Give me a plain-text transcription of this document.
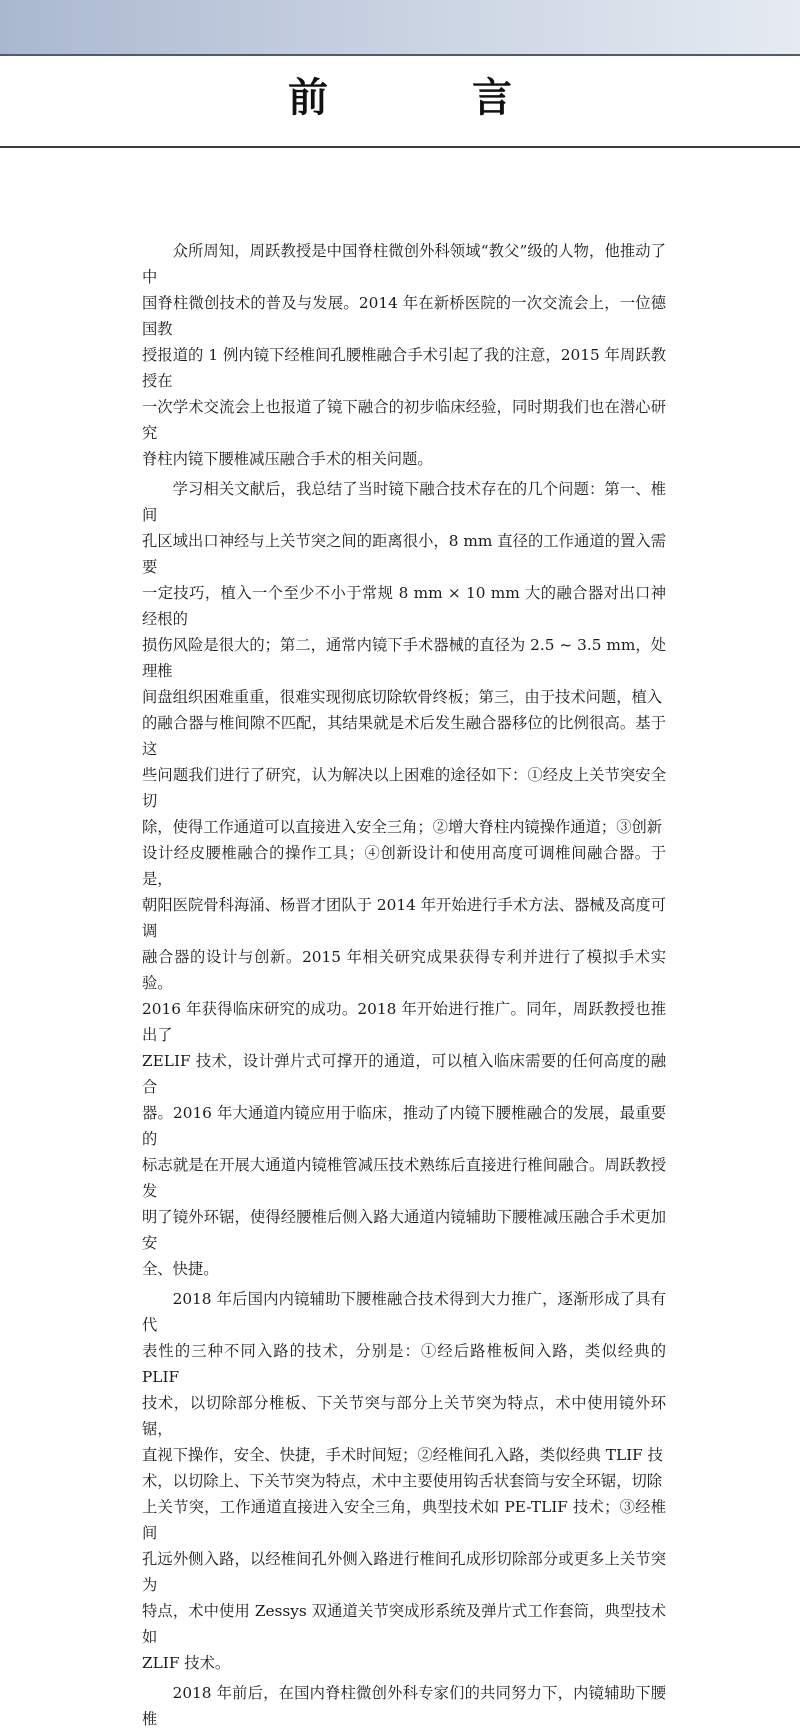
前　言

众所周知，周跃教授是中国脊柱微创外科领域“教父”级的人物，他推动了中
国脊柱微创技术的普及与发展。2014 年在新桥医院的一次交流会上，一位德国教
授报道的 1 例内镜下经椎间孔腰椎融合手术引起了我的注意，2015 年周跃教授在
一次学术交流会上也报道了镜下融合的初步临床经验，同时期我们也在潜心研究
脊柱内镜下腰椎减压融合手术的相关问题。

学习相关文献后，我总结了当时镜下融合技术存在的几个问题：第一、椎间
孔区域出口神经与上关节突之间的距离很小，8 mm 直径的工作通道的置入需要
一定技巧，植入一个至少不小于常规 8 mm × 10 mm 大的融合器对出口神经根的
损伤风险是很大的；第二，通常内镜下手术器械的直径为 2.5 ~ 3.5 mm，处理椎
间盘组织困难重重，很难实现彻底切除软骨终板；第三，由于技术问题，植入
的融合器与椎间隙不匹配，其结果就是术后发生融合器移位的比例很高。基于这
些问题我们进行了研究，认为解决以上困难的途径如下：①经皮上关节突安全切
除，使得工作通道可以直接进入安全三角；②增大脊柱内镜操作通道；③创新
设计经皮腰椎融合的操作工具；④创新设计和使用高度可调椎间融合器。于是，
朝阳医院骨科海涌、杨晋才团队于 2014 年开始进行手术方法、器械及高度可调
融合器的设计与创新。2015 年相关研究成果获得专利并进行了模拟手术实验。
2016 年获得临床研究的成功。2018 年开始进行推广。同年，周跃教授也推出了
ZELIF 技术，设计弹片式可撑开的通道，可以植入临床需要的任何高度的融合
器。2016 年大通道内镜应用于临床，推动了内镜下腰椎融合的发展，最重要的
标志就是在开展大通道内镜椎管减压技术熟练后直接进行椎间融合。周跃教授发
明了镜外环锯，使得经腰椎后侧入路大通道内镜辅助下腰椎减压融合手术更加安
全、快捷。

2018 年后国内内镜辅助下腰椎融合技术得到大力推广，逐渐形成了具有代
表性的三种不同入路的技术，分别是：①经后路椎板间入路，类似经典的 PLIF
技术，以切除部分椎板、下关节突与部分上关节突为特点，术中使用镜外环锯，
直视下操作，安全、快捷，手术时间短；②经椎间孔入路，类似经典 TLIF 技
术，以切除上、下关节突为特点，术中主要使用钩舌状套筒与安全环锯，切除
上关节突，工作通道直接进入安全三角，典型技术如 PE-TLIF 技术；③经椎间
孔远外侧入路，以经椎间孔外侧入路进行椎间孔成形切除部分或更多上关节突为
特点，术中使用 Zessys 双通道关节突成形系统及弹片式工作套筒，典型技术如
ZLIF 技术。

2018 年前后，在国内脊柱微创外科专家们的共同努力下，内镜辅助下腰椎
